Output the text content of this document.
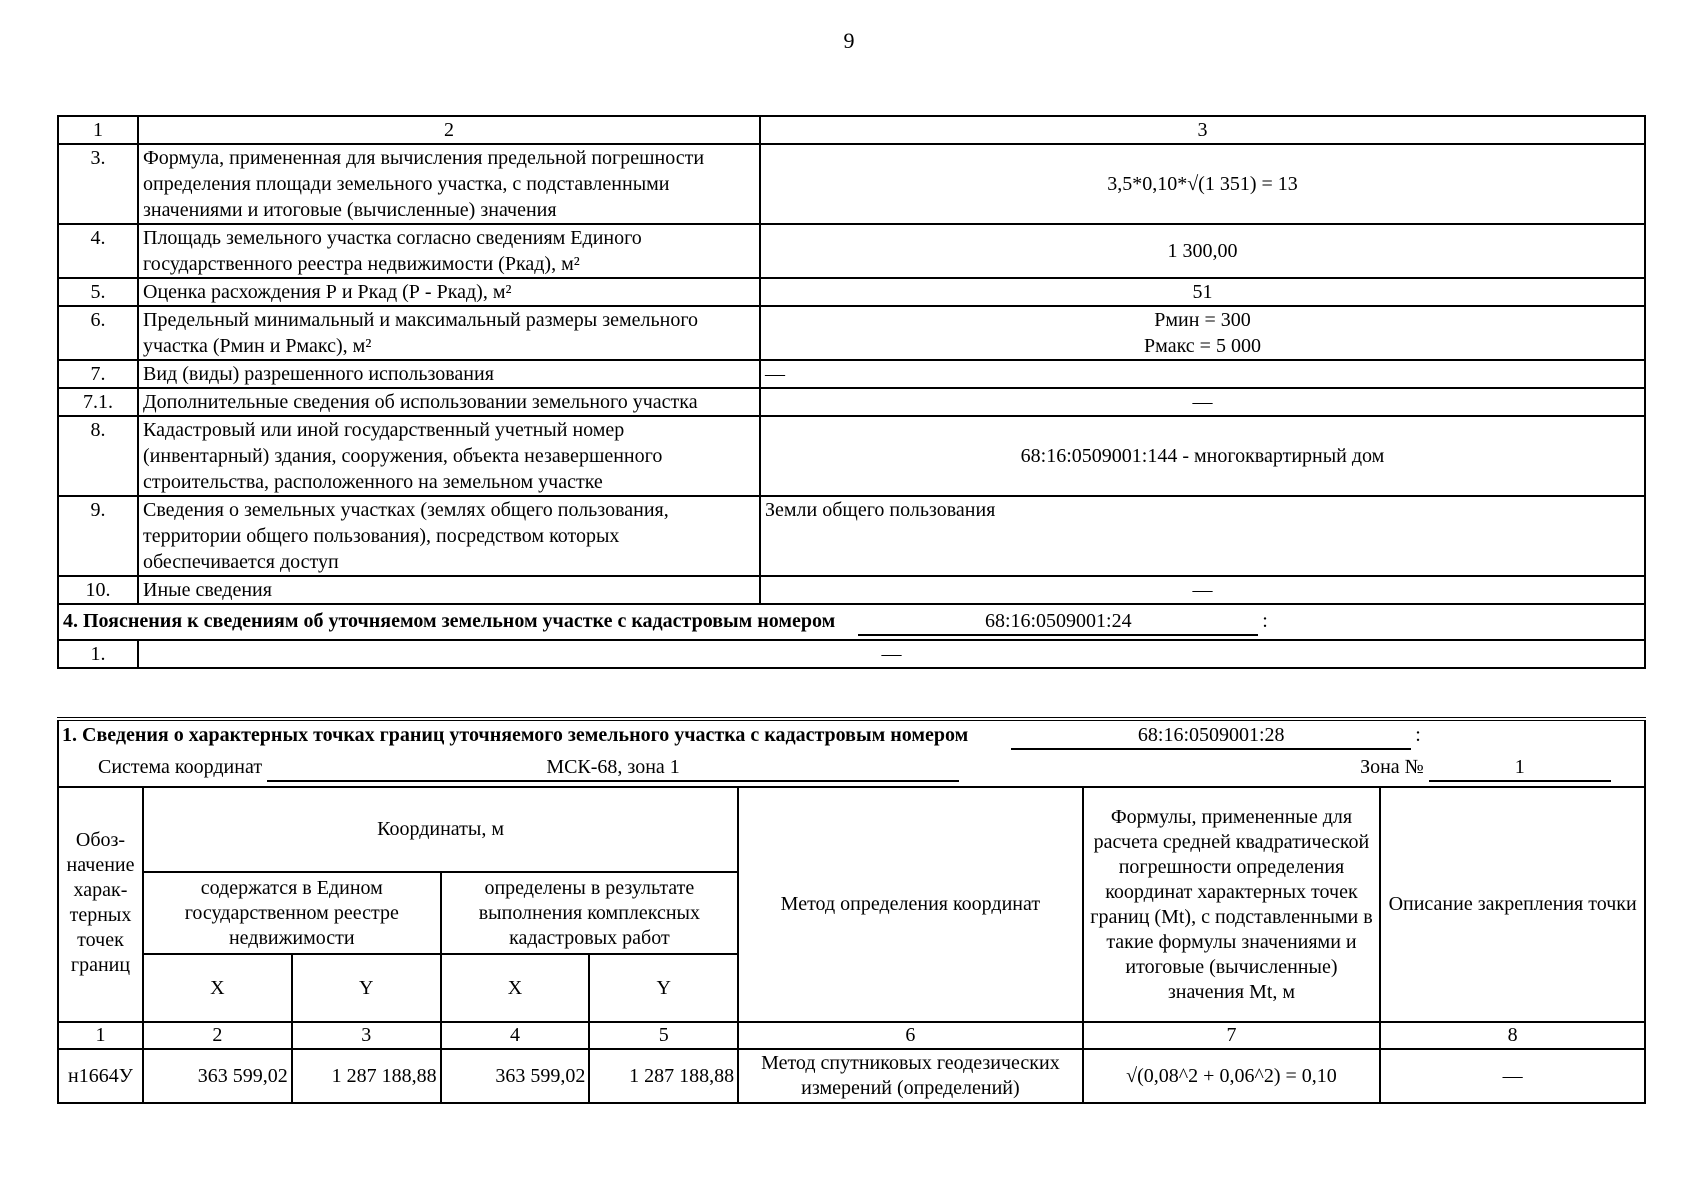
9
1	2	3
3.	Формула, примененная для вычисления предельной погрешности определения площади земельного участка, с подставленными значениями и итоговые (вычисленные) значения	3,5*0,10*√(1 351) = 13
4.	Площадь земельного участка согласно сведениям Единого государственного реестра недвижимости (Ркад), м²	1 300,00
5.	Оценка расхождения Р и Ркад (Р - Ркад), м²	51
6.	Предельный минимальный и максимальный размеры земельного участка (Рмин и Рмакс), м²	Рмин = 300
Рмакс = 5 000

7.	Вид (виды) разрешенного использования	—
7.1.	Дополнительные сведения об использовании земельного участка	—
8.	Кадастровый или иной государственный учетный номер (инвентарный) здания, сооружения, объекта незавершенного строительства, расположенного на земельном участке	68:16:0509001:144 - многоквартирный дом
9.	Сведения о земельных участках (землях общего пользования, территории общего пользования), посредством которых обеспечивается доступ	Земли общего пользования
10.	Иные сведения	—
4. Пояснения к сведениям об уточняемом земельном участке с кадастровым номером 68:16:0509001:24 :		
1.	—	
1. Сведения о характерных точках границ уточняемого земельного участка с кадастровым номером 68:16:0509001:28 :							
Система координат МСК-68, зона 1 Зона № 1							
Обоз-начение харак-терных точек границ	Координаты, м				Метод определения координат	Формулы, примененные для расчета средней квадратической погрешности определения координат характерных точек границ (Mt), с подставленными в такие формулы значениями и итоговые (вычисленные) значения Mt, м	Описание закрепления точки
	содержатся в Едином государственном реестре недвижимости		определены в результате выполнения комплексных кадастровых работ				
	X	Y	X	Y			
1	2	3	4	5	6	7	8
н1664У	363 599,02	1 287 188,88	363 599,02	1 287 188,88	Метод спутниковых геодезических измерений (определений)	√(0,08^2 + 0,06^2) = 0,10	—
